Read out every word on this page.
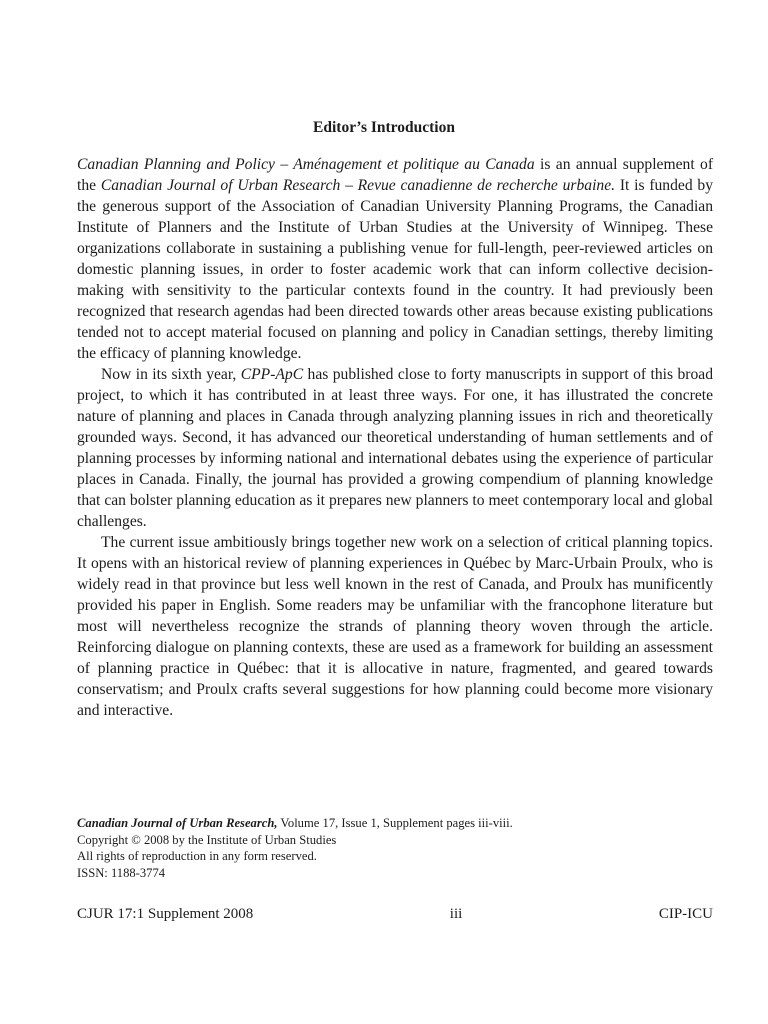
Editor’s Introduction

Canadian Planning and Policy – Aménagement et politique au Canada is an annual supplement of the Canadian Journal of Urban Research – Revue canadienne de recherche urbaine. It is funded by the generous support of the Association of Canadian University Planning Programs, the Canadian Institute of Planners and the Institute of Urban Studies at the University of Winnipeg. These organizations collaborate in sustaining a publishing venue for full-length, peer-reviewed articles on domestic planning issues, in order to foster academic work that can inform collective decision-making with sensitivity to the particular contexts found in the country. It had previously been recognized that research agendas had been directed towards other areas because existing publications tended not to accept material focused on planning and policy in Canadian settings, thereby limiting the efficacy of planning knowledge.

Now in its sixth year, CPP-ApC has published close to forty manuscripts in support of this broad project, to which it has contributed in at least three ways. For one, it has illustrated the concrete nature of planning and places in Canada through analyzing planning issues in rich and theoretically grounded ways. Second, it has advanced our theoretical understanding of human settlements and of planning processes by informing national and international debates using the experience of particular places in Canada. Finally, the journal has provided a growing compendium of planning knowledge that can bolster planning education as it prepares new planners to meet contemporary local and global challenges.

The current issue ambitiously brings together new work on a selection of critical planning topics. It opens with an historical review of planning experiences in Québec by Marc-Urbain Proulx, who is widely read in that province but less well known in the rest of Canada, and Proulx has munificently provided his paper in English. Some readers may be unfamiliar with the francophone literature but most will nevertheless recognize the strands of planning theory woven through the article. Reinforcing dialogue on planning contexts, these are used as a framework for building an assessment of planning practice in Québec: that it is allocative in nature, fragmented, and geared towards conservatism; and Proulx crafts several suggestions for how planning could become more visionary and interactive.

Canadian Journal of Urban Research, Volume 17, Issue 1, Supplement pages iii-viii.
Copyright © 2008 by the Institute of Urban Studies
All rights of reproduction in any form reserved.
ISSN: 1188-3774
CJUR 17:1 Supplement 2008	iii	CIP-ICU
